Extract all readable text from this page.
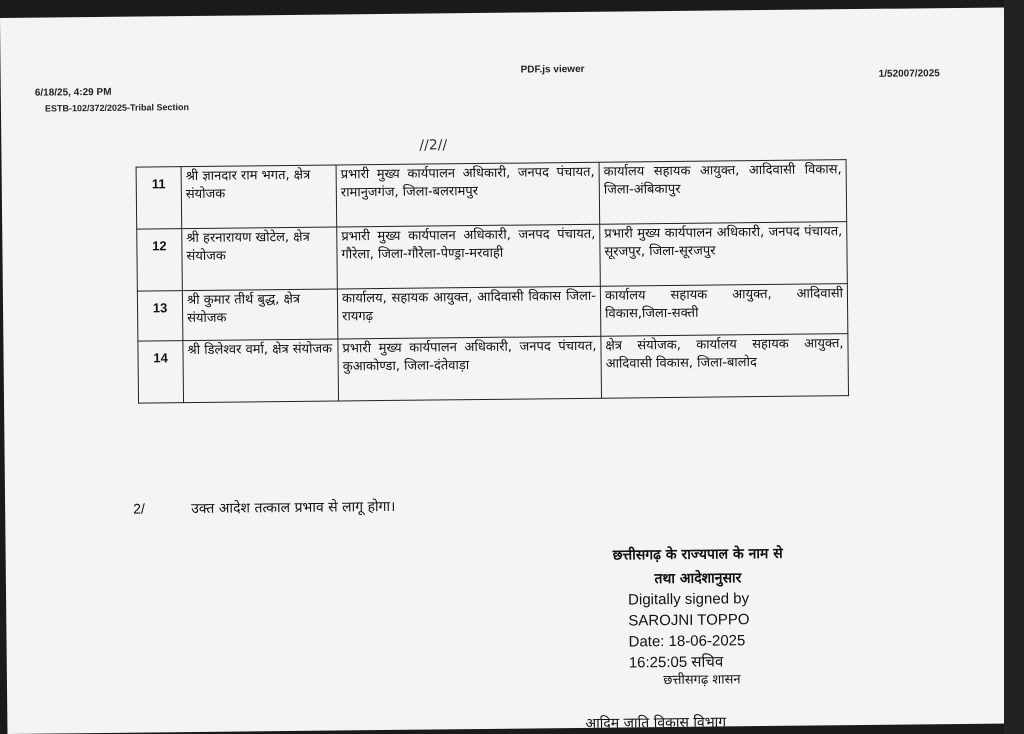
6/18/25, 4:29 PM
PDF.js viewer	1/52007/2025
ESTB-102/372/2025-Tribal Section
//2//
11	श्री ज्ञानदार राम भगत, क्षेत्र संयोजक	प्रभारी मुख्य कार्यपालन अधिकारी, जनपद पंचायत, रामानुजगंज, जिला-बलरामपुर	कार्यालय सहायक आयुक्त, आदिवासी विकास, जिला-अंबिकापुर
12	श्री हरनारायण खोटेल, क्षेत्र संयोजक	प्रभारी मुख्य कार्यपालन अधिकारी, जनपद पंचायत, गौरेला, जिला-गौरेला-पेण्ड्रा-मरवाही	प्रभारी मुख्य कार्यपालन अधिकारी, जनपद पंचायत, सूरजपुर, जिला-सूरजपुर
13	श्री कुमार तीर्थ बुद्ध, क्षेत्र संयोजक	कार्यालय, सहायक आयुक्त, आदिवासी विकास जिला-रायगढ़	कार्यालय सहायक आयुक्त, आदिवासी विकास,जिला-सक्ती
14	श्री डिलेश्वर वर्मा, क्षेत्र संयोजक	प्रभारी मुख्य कार्यपालन अधिकारी, जनपद पंचायत, कुआकोण्डा, जिला-दंतेवाड़ा	क्षेत्र संयोजक, कार्यालय सहायक आयुक्त, आदिवासी विकास, जिला-बालोद
2/	उक्त आदेश तत्काल प्रभाव से लागू होगा।
छत्तीसगढ़ के राज्यपाल के नाम से
तथा आदेशानुसार
Digitally signed by
SAROJNI TOPPO
Date: 18-06-2025
16:25:05 सचिव
छत्तीसगढ़ शासन
आदिम जाति विकास विभाग
